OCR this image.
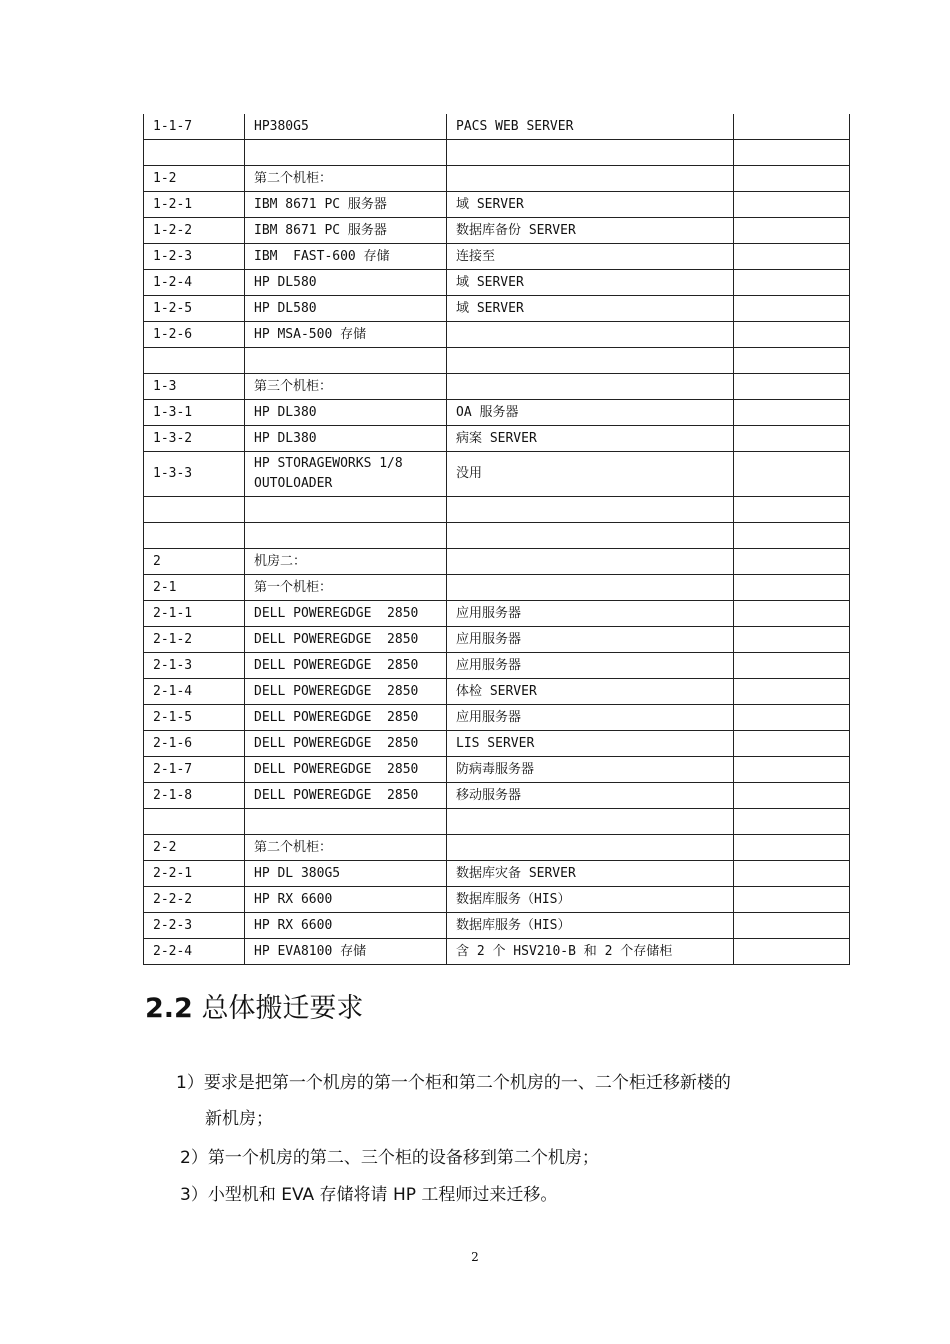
1-1-7	HP380G5	PACS WEB SERVER	

1-2	第二个机柜：		
1-2-1	IBM 8671 PC 服务器	域 SERVER	
1-2-2	IBM 8671 PC 服务器	数据库备份 SERVER	
1-2-3	IBM  FAST-600 存储	连接至	
1-2-4	HP DL580	域 SERVER	
1-2-5	HP DL580	域 SERVER	
1-2-6	HP MSA-500 存储		

1-3	第三个机柜：		
1-3-1	HP DL380	OA 服务器	
1-3-2	HP DL380	病案 SERVER	
1-3-3	HP STORAGEWORKS 1/8 OUTOLOADER	没用	

2	机房二：		
2-1	第一个机柜：		
2-1-1	DELL POWEREGDGE  2850	应用服务器	
2-1-2	DELL POWEREGDGE  2850	应用服务器	
2-1-3	DELL POWEREGDGE  2850	应用服务器	
2-1-4	DELL POWEREGDGE  2850	体检 SERVER	
2-1-5	DELL POWEREGDGE  2850	应用服务器	
2-1-6	DELL POWEREGDGE  2850	LIS SERVER	
2-1-7	DELL POWEREGDGE  2850	防病毒服务器	
2-1-8	DELL POWEREGDGE  2850	移动服务器	

2-2	第二个机柜：		
2-2-1	HP DL 380G5	数据库灾备 SERVER	
2-2-2	HP RX 6600	数据库服务（HIS）	
2-2-3	HP RX 6600	数据库服务（HIS）	
2-2-4	HP EVA8100 存储	含 2 个 HSV210-B 和 2 个存储柜	
2.2 总体搬迁要求
1）要求是把第一个机房的第一个柜和第二个机房的一、二个柜迁移新楼的
新机房；
2）第一个机房的第二、三个柜的设备移到第二个机房；
3）小型机和 EVA 存储将请 HP 工程师过来迁移。
2
